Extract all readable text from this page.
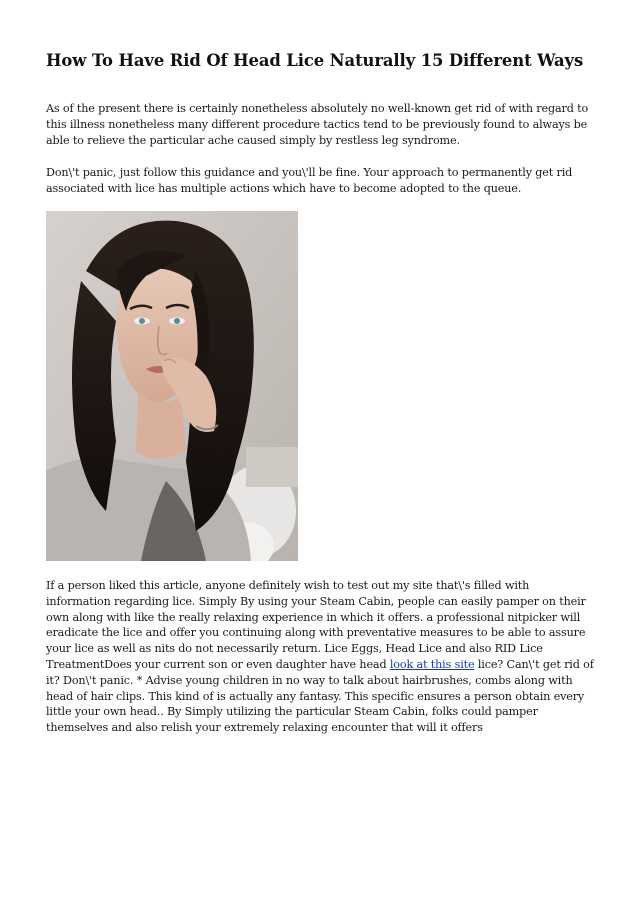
How To Have Rid Of Head Lice Naturally 15 Different Ways

As of the present there is certainly nonetheless absolutely no well-known get rid of with regard to this illness nonetheless many different procedure tactics tend to be previously found to always be able to relieve the particular ache caused simply by restless leg syndrome.

Don\'t panic, just follow this guidance and you\'ll be fine. Your approach to permanently get rid associated with lice has multiple actions which have to become adopted to the queue.

If a person liked this article, anyone definitely wish to test out my site that\'s filled with information regarding lice. Simply By using your Steam Cabin, people can easily pamper on their own along with like the really relaxing experience in which it offers. a professional nitpicker will eradicate the lice and offer you continuing along with preventative measures to be able to assure your lice as well as nits do not necessarily return. Lice Eggs, Head Lice and also RID Lice TreatmentDoes your current son or even daughter have head look at this site lice? Can\'t get rid of it? Don\'t panic. * Advise young children in no way to talk about hairbrushes, combs along with head of hair clips. This kind of is actually any fantasy. This specific ensures a person obtain every little your own head.. By Simply utilizing the particular Steam Cabin, folks could pamper themselves and also relish your extremely relaxing encounter that will it offers
